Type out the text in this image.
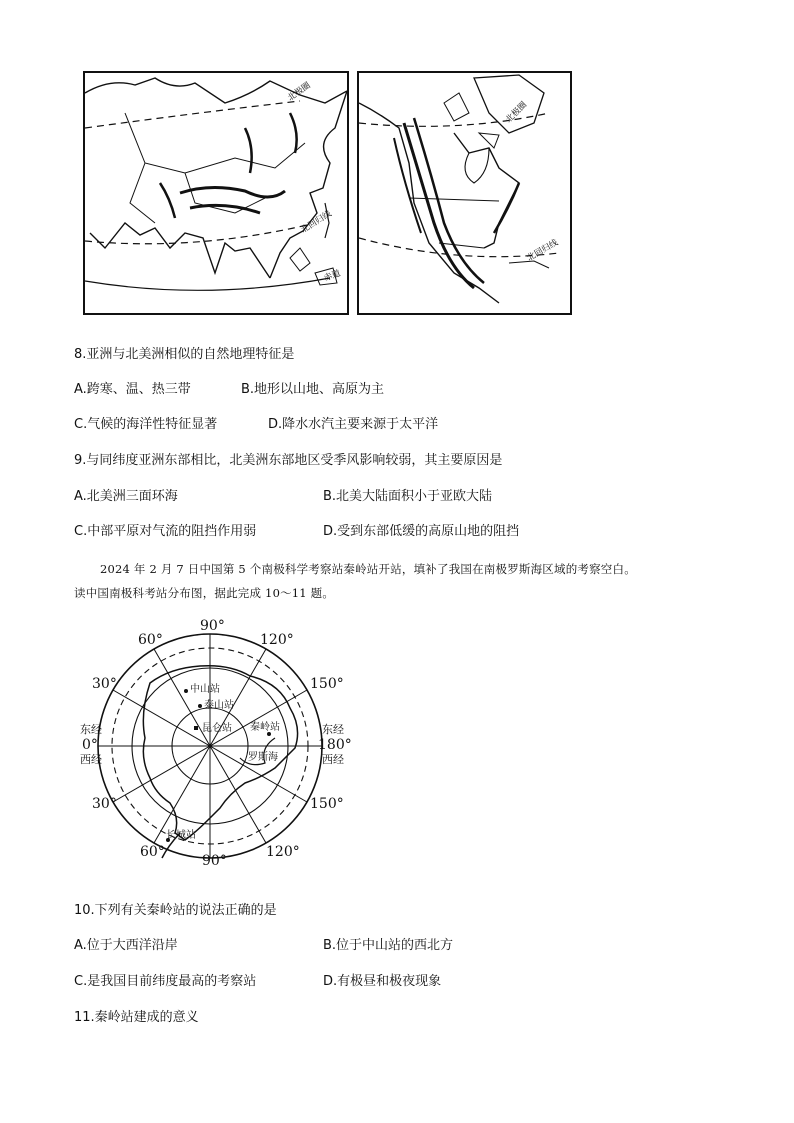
北极圈
北回归线
赤道
北极圈
北回归线
8.亚洲与北美洲相似的自然地理特征是
A.跨寒、温、热三带	B.地形以山地、高原为主
C.气候的海洋性特征显著	D.降水水汽主要来源于太平洋
9.与同纬度亚洲东部相比，北美洲东部地区受季风影响较弱，其主要原因是
A.北美洲三面环海	B.北美大陆面积小于亚欧大陆
C.中部平原对气流的阻挡作用弱	D.受到东部低缓的高原山地的阻挡
2024 年 2 月 7 日中国第 5 个南极科学考察站秦岭站开站，填补了我国在南极罗斯海区域的考察空白。
读中国南极科考站分布图，据此完成 10～11 题。
中山站
泰山站
昆仑站 秦岭站
罗斯海
长城站
90°
60°	120°
30°	150°
东经
0°
西经
东经
180°
西经
30°	150°
60°
90°
120°
10.下列有关秦岭站的说法正确的是
A.位于大西洋沿岸	B.位于中山站的西北方
C.是我国目前纬度最高的考察站	D.有极昼和极夜现象
11.秦岭站建成的意义
